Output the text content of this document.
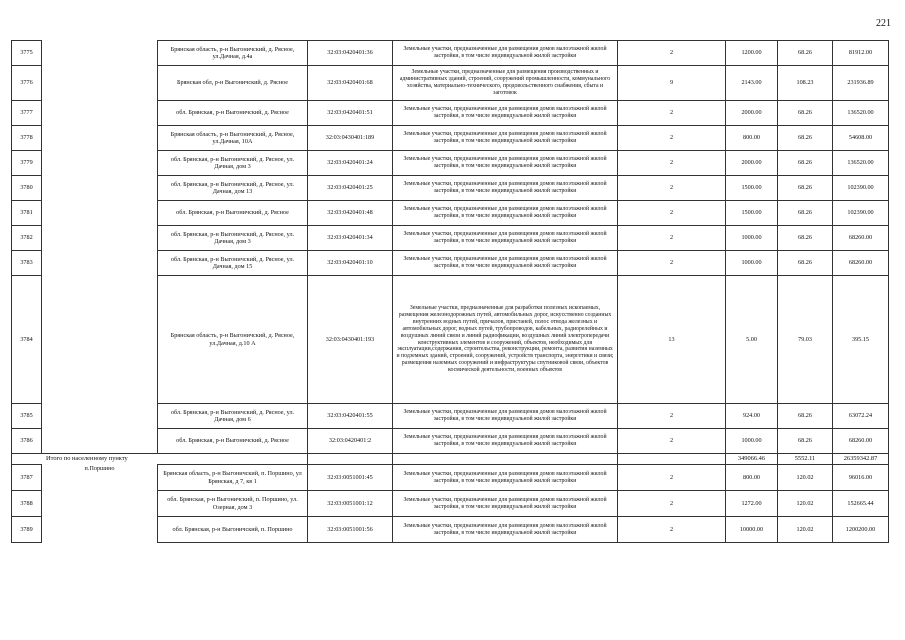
221
3775		Брянская область, р-н Выгоничский, д. Рясное, ул.Дачная, д.4а	32:03:0420401:36	Земельные участки, предназначенные для размещения домов малоэтажной жилой застройки, в том числе индивидуальной жилой застройки	2	1200.00	68.26	81912.00
3776		Брянская обл, р-н Выгоничский, д. Рясное	32:03:0420401:68	Земельные участки, предназначенные для размещения производственных и административных зданий, строений, сооружений промышленности, коммунального хозяйства, материально-технического, продовольственного снабжения, сбыта и заготовок	9	2143.00	108.23	231936.89
3777		обл. Брянская, р-н Выгоничский, д. Рясное	32:03:0420401:51	Земельные участки, предназначенные для размещения домов малоэтажной жилой застройки, в том числе индивидуальной жилой застройки	2	2000.00	68.26	136520.00
3778		Брянская область, р-н Выгоничский, д. Рясное, ул.Дачная, 10А	32:03:0430401:189	Земельные участки, предназначенные для размещения домов малоэтажной жилой застройки, в том числе индивидуальной жилой застройки	2	800.00	68.26	54608.00
3779		обл. Брянская, р-н Выгоничский, д. Рясное, ул. Дачная, дом 3	32:03:0420401:24	Земельные участки, предназначенные для размещения домов малоэтажной жилой застройки, в том числе индивидуальной жилой застройки	2	2000.00	68.26	136520.00
3780		обл. Брянская, р-н Выгоничский, д. Рясное, ул. Дачная, дом 13	32:03:0420401:25	Земельные участки, предназначенные для размещения домов малоэтажной жилой застройки, в том числе индивидуальной жилой застройки	2	1500.00	68.26	102390.00
3781		обл. Брянская, р-н Выгоничский, д. Рясное	32:03:0420401:48	Земельные участки, предназначенные для размещения домов малоэтажной жилой застройки, в том числе индивидуальной жилой застройки	2	1500.00	68.26	102390.00
3782		обл. Брянская, р-н Выгоничский, д. Рясное, ул. Дачная, дом 3	32:03:0420401:34	Земельные участки, предназначенные для размещения домов малоэтажной жилой застройки, в том числе индивидуальной жилой застройки	2	1000.00	68.26	68260.00
3783		обл. Брянская, р-н Выгоничский, д. Рясное, ул. Дачная, дом 15	32:03:0420401:10	Земельные участки, предназначенные для размещения домов малоэтажной жилой застройки, в том числе индивидуальной жилой застройки	2	1000.00	68.26	68260.00
3784		Брянская область, р-н Выгоничский, д. Рясное, ул.Дачная, д.10 А	32:03:0430401:193	Земельные участки, предназначенные для разработки полезных ископаемых, размещения железнодорожных путей, автомобильных дорог, искусственно созданных внутренних водных путей, причалов, пристаней, полос отвода железных и автомобильных дорог, водных путей, трубопроводов, кабельных, радиорелейных и воздушных линий связи и линий радиофикации, воздушных линий электропередачи конструктивных элементов и сооружений, объектов, необходимых для эксплуатации,содержания, строительства, реконструкции, ремонта, развития наземных и подземных зданий, строений, сооружений, устройств транспорта, энергетики и связи; размещения наземных сооружений и инфраструктуры спутниковой связи, объектов космической деятельности, военных объектов	13	5.00	79.03	395.15
3785		обл. Брянская, р-н Выгоничский, д. Рясное, ул. Дачная, дом 6	32:03:0420401:55	Земельные участки, предназначенные для размещения домов малоэтажной жилой застройки, в том числе индивидуальной жилой застройки	2	924.00	68.26	63072.24
3786		обл. Брянская, р-н Выгоничский, д. Рясное	32:03:0420401:2	Земельные участки, предназначенные для размещения домов малоэтажной жилой застройки, в том числе индивидуальной жилой застройки	2	1000.00	68.26	68260.00
Итого по населенному пункту						349066.46	5552.11	26359342.87
3787	п.Поршино	Брянская область, р-н Выгоничский, п. Поршино, ул Брянская, д 7, кв 1	32:03:0051001:45	Земельные участки, предназначенные для размещения домов малоэтажной жилой застройки, в том числе индивидуальной жилой застройки	2	800.00	120.02	96016.00
3788		обл. Брянская, р-н Выгоничский, п. Поршино, ул. Озерная, дом 3	32:03:0051001:12	Земельные участки, предназначенные для размещения домов малоэтажной жилой застройки, в том числе индивидуальной жилой застройки	2	1272.00	120.02	152665.44
3789		обл. Брянская, р-н Выгоничский, п. Поршино	32:03:0051001:56	Земельные участки, предназначенные для размещения домов малоэтажной жилой застройки, в том числе индивидуальной жилой застройки	2	10000.00	120.02	1200200.00
